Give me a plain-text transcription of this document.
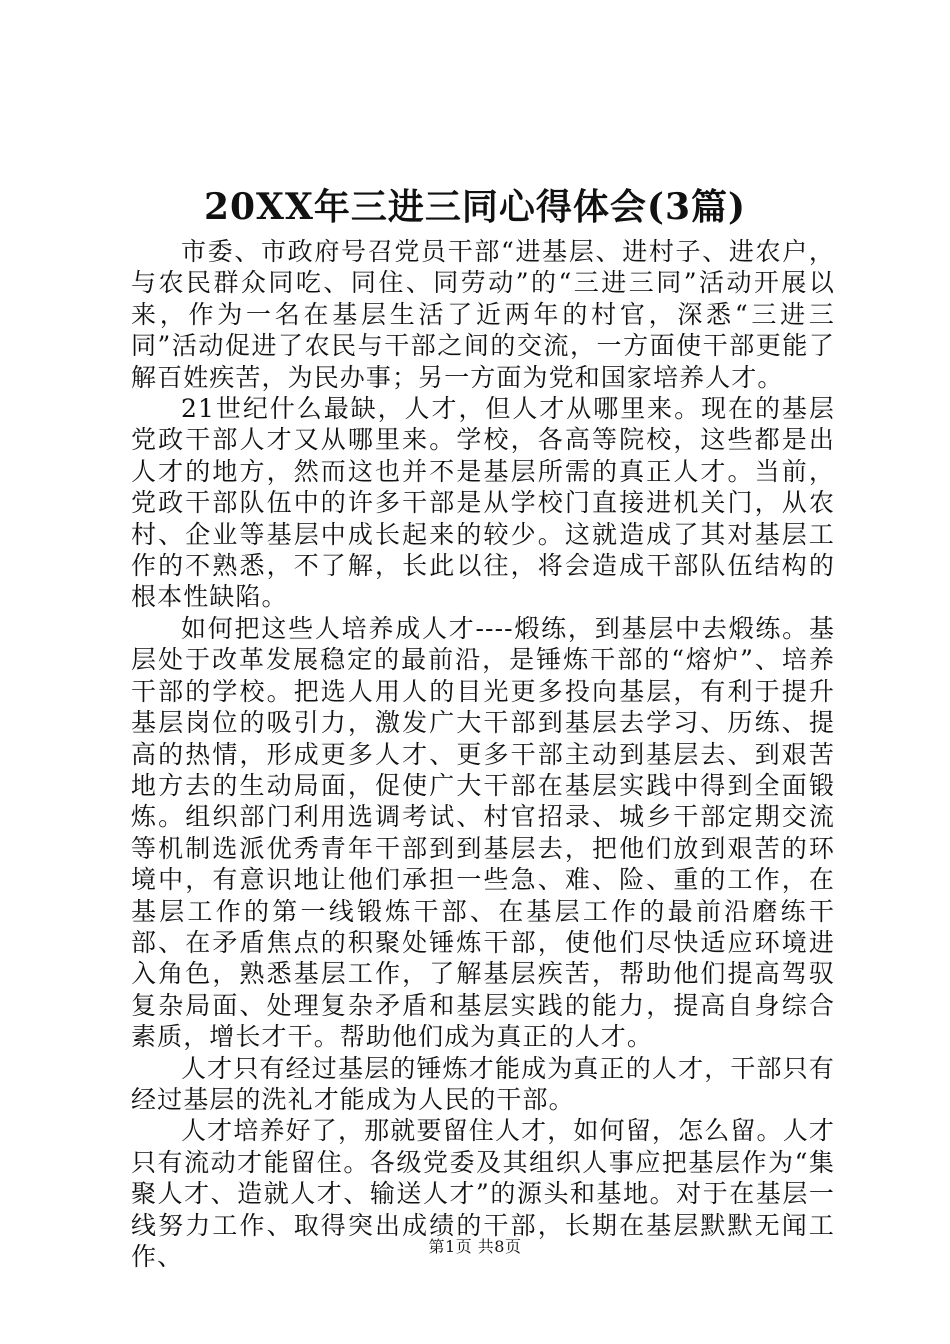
20XX年三进三同心得体会(3篇)

市委、市政府号召党员干部“进基层、进村子、进农户，与农民群众同吃、同住、同劳动”的“三进三同”活动开展以来，作为一名在基层生活了近两年的村官，深悉“三进三同”活动促进了农民与干部之间的交流，一方面使干部更能了解百姓疾苦，为民办事；另一方面为党和国家培养人才。

21世纪什么最缺，人才，但人才从哪里来。现在的基层党政干部人才又从哪里来。学校，各高等院校，这些都是出人才的地方，然而这也并不是基层所需的真正人才。当前，党政干部队伍中的许多干部是从学校门直接进机关门，从农村、企业等基层中成长起来的较少。这就造成了其对基层工作的不熟悉，不了解，长此以往，将会造成干部队伍结构的根本性缺陷。

如何把这些人培养成人才----煅练，到基层中去煅练。基层处于改革发展稳定的最前沿，是锤炼干部的“熔炉”、培养干部的学校。把选人用人的目光更多投向基层，有利于提升基层岗位的吸引力，激发广大干部到基层去学习、历练、提高的热情，形成更多人才、更多干部主动到基层去、到艰苦地方去的生动局面，促使广大干部在基层实践中得到全面锻炼。组织部门利用选调考试、村官招录、城乡干部定期交流等机制选派优秀青年干部到到基层去，把他们放到艰苦的环境中，有意识地让他们承担一些急、难、险、重的工作，在基层工作的第一线锻炼干部、在基层工作的最前沿磨练干部、在矛盾焦点的积聚处锤炼干部，使他们尽快适应环境进入角色，熟悉基层工作，了解基层疾苦，帮助他们提高驾驭复杂局面、处理复杂矛盾和基层实践的能力，提高自身综合素质，增长才干。帮助他们成为真正的人才。

人才只有经过基层的锤炼才能成为真正的人才，干部只有经过基层的洗礼才能成为人民的干部。

人才培养好了，那就要留住人才，如何留，怎么留。人才只有流动才能留住。各级党委及其组织人事应把基层作为“集聚人才、造就人才、输送人才”的源头和基地。对于在基层一线努力工作、取得突出成绩的干部，长期在基层默默无闻工作、	第1页 共8页
